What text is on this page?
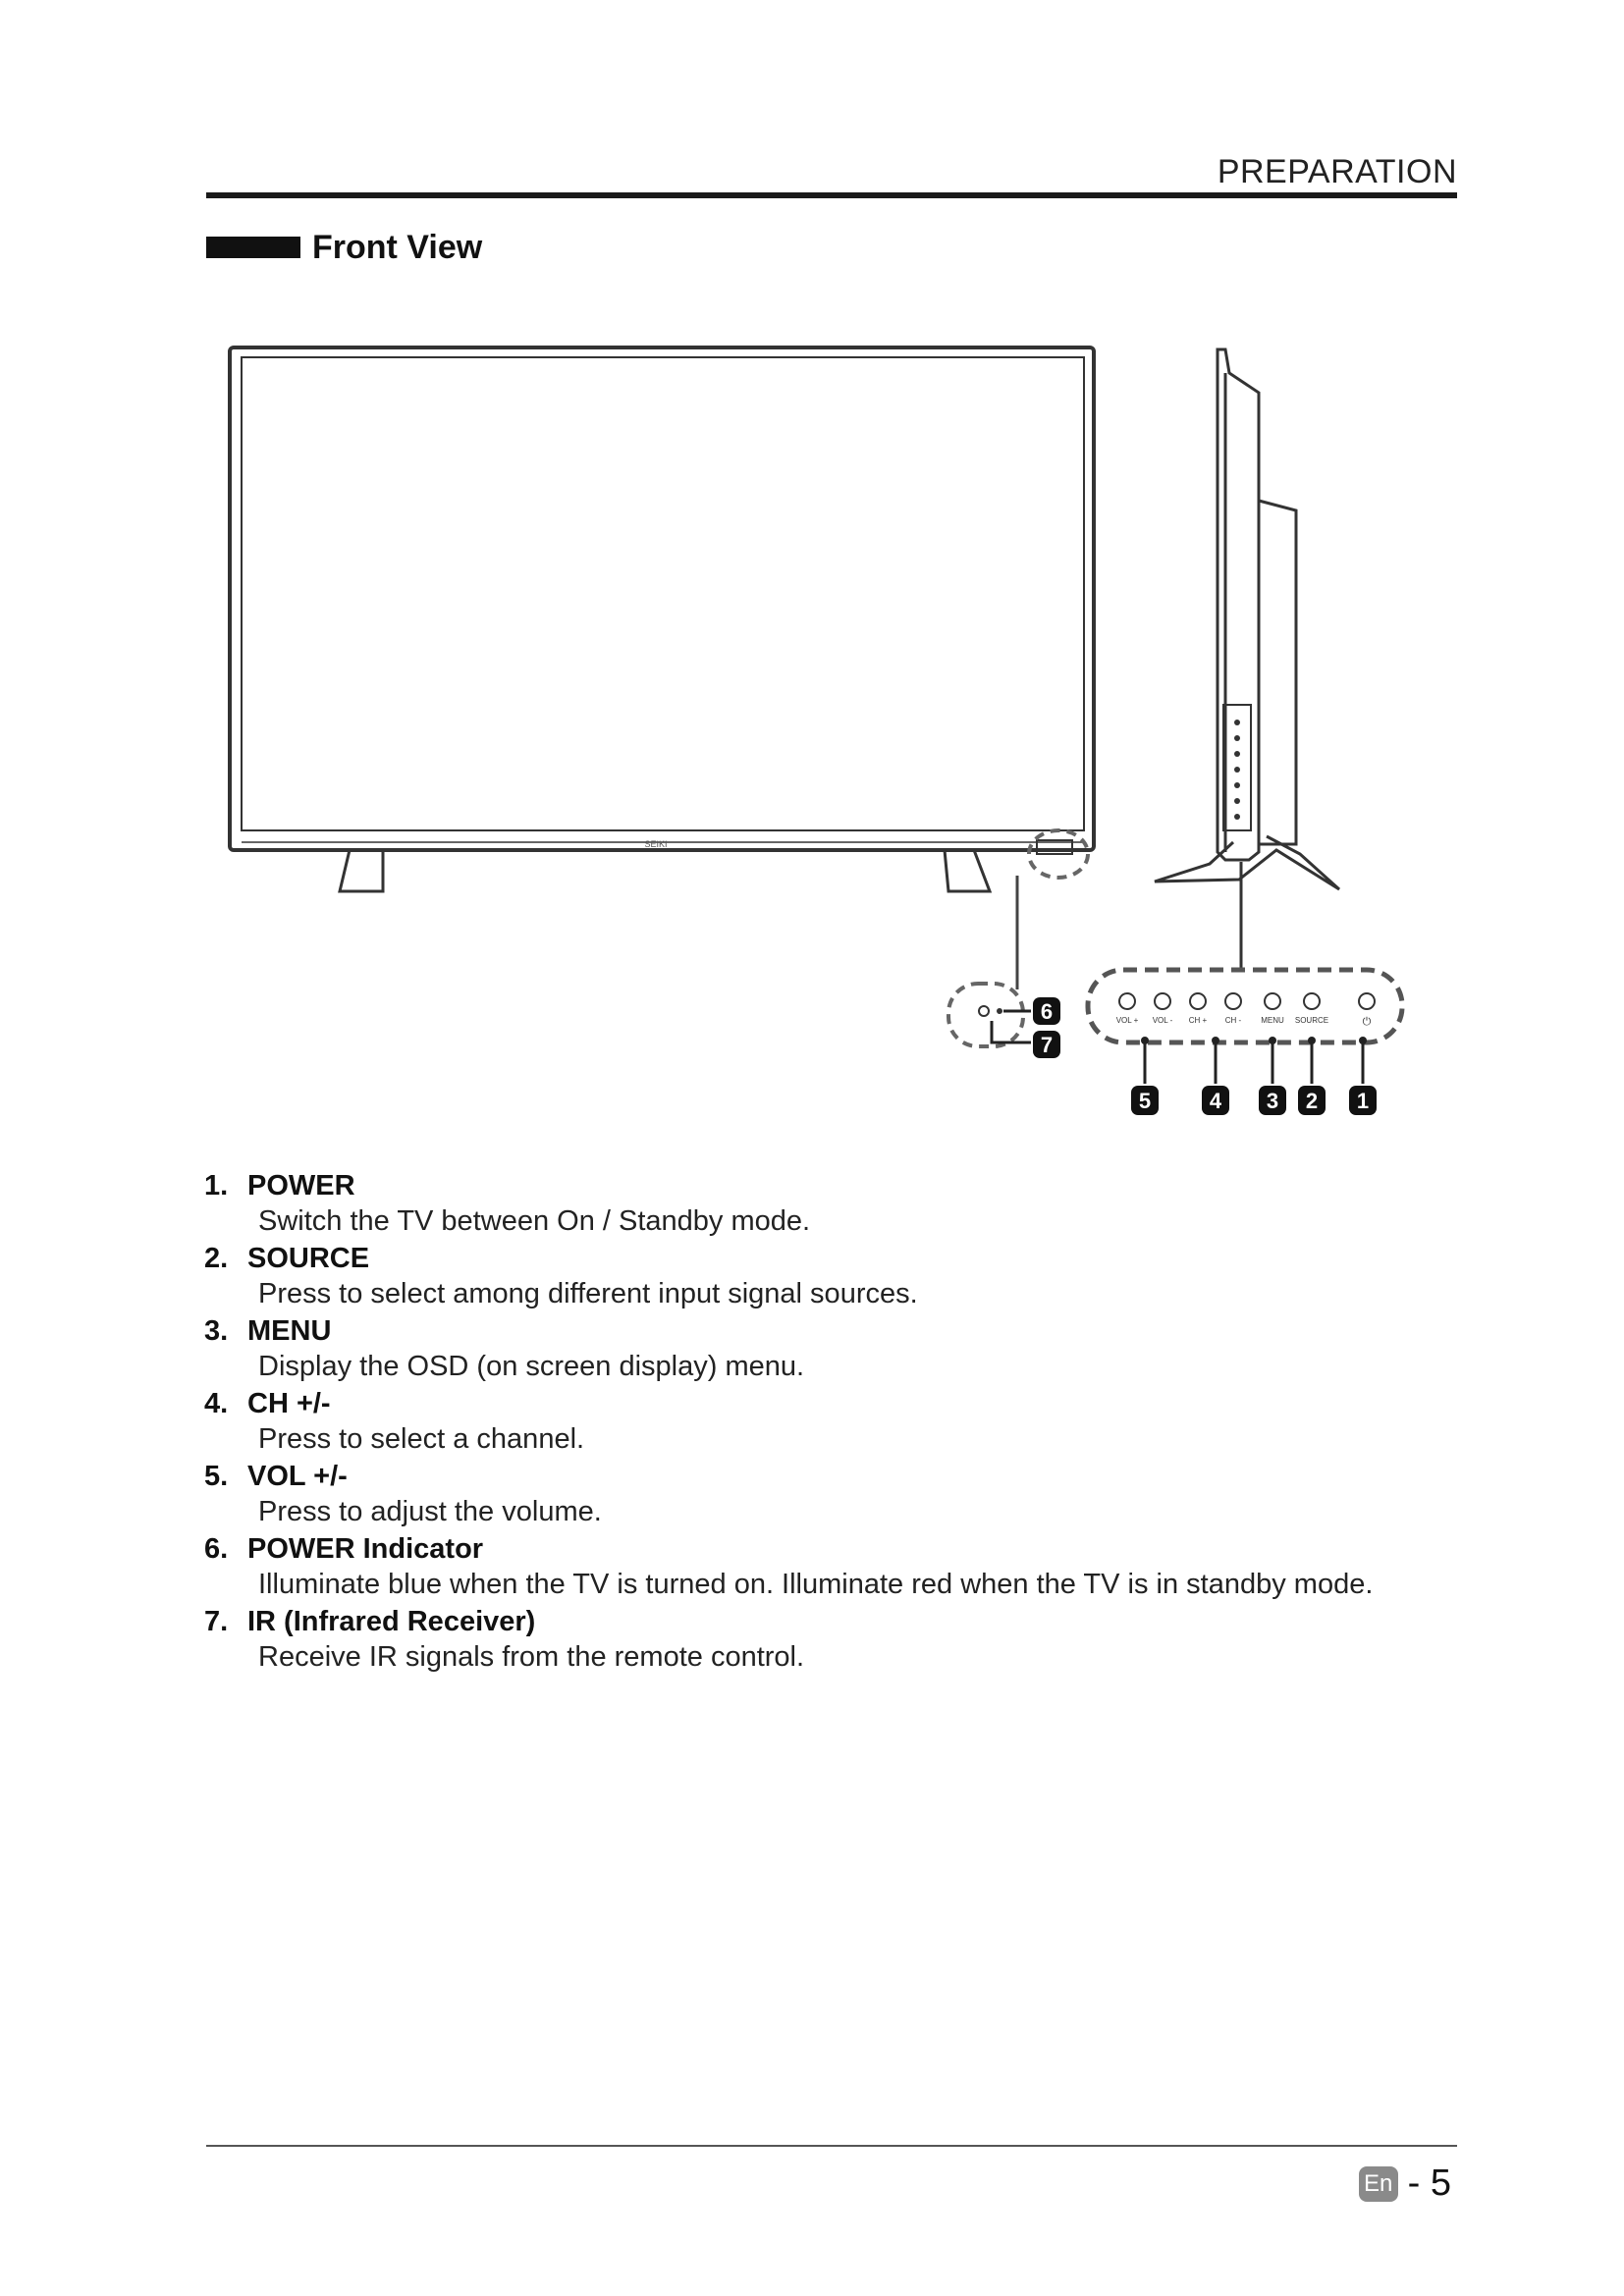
PREPARATION
Front View
SEIKI
VOL + VOL - CH + CH - MENU SOURCE	⏻
6
7
5	4 3 2 1
1. POWER
Switch the TV between On / Standby mode.
2. SOURCE
Press to select among different input signal sources.
3. MENU
Display the OSD (on screen display) menu.
4. CH +/-
Press to select a channel.
5. VOL +/-
Press to adjust the volume.
6. POWER Indicator
Illuminate blue when the TV is turned on. Illuminate red when the TV is in standby mode.
7. IR (Infrared Receiver)
Receive IR signals from the remote control.
En - 5
